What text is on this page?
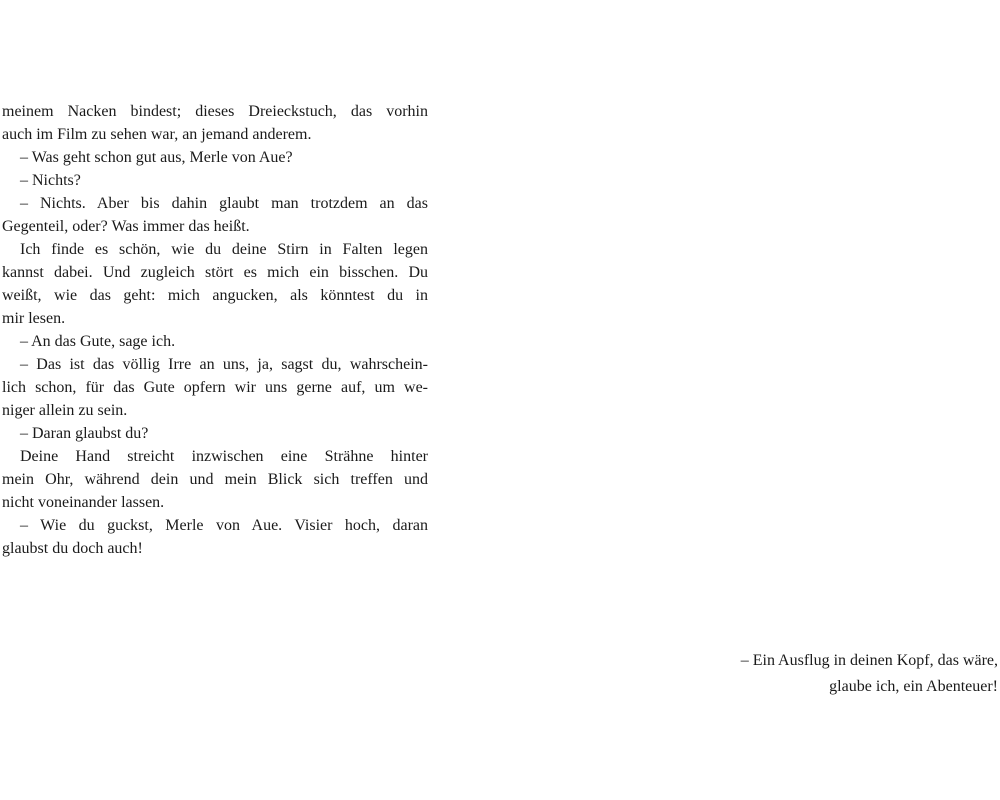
meinem Nacken bindest; dieses Dreieckstuch, das vorhin
auch im Film zu sehen war, an jemand anderem.
– Was geht schon gut aus, Merle von Aue?
– Nichts?
– Nichts. Aber bis dahin glaubt man trotzdem an das
Gegenteil, oder? Was immer das heißt.
Ich finde es schön, wie du deine Stirn in Falten legen
kannst dabei. Und zugleich stört es mich ein bisschen. Du
weißt, wie das geht: mich angucken, als könntest du in
mir lesen.
– An das Gute, sage ich.
– Das ist das völlig Irre an uns, ja, sagst du, wahrschein-
lich schon, für das Gute opfern wir uns gerne auf, um we-
niger allein zu sein.
– Daran glaubst du?
Deine Hand streicht inzwischen eine Strähne hinter
mein Ohr, während dein und mein Blick sich treffen und
nicht voneinander lassen.
– Wie du guckst, Merle von Aue. Visier hoch, daran
glaubst du doch auch!
– Ein Ausflug in deinen Kopf, das wäre,
glaube ich, ein Abenteuer!
